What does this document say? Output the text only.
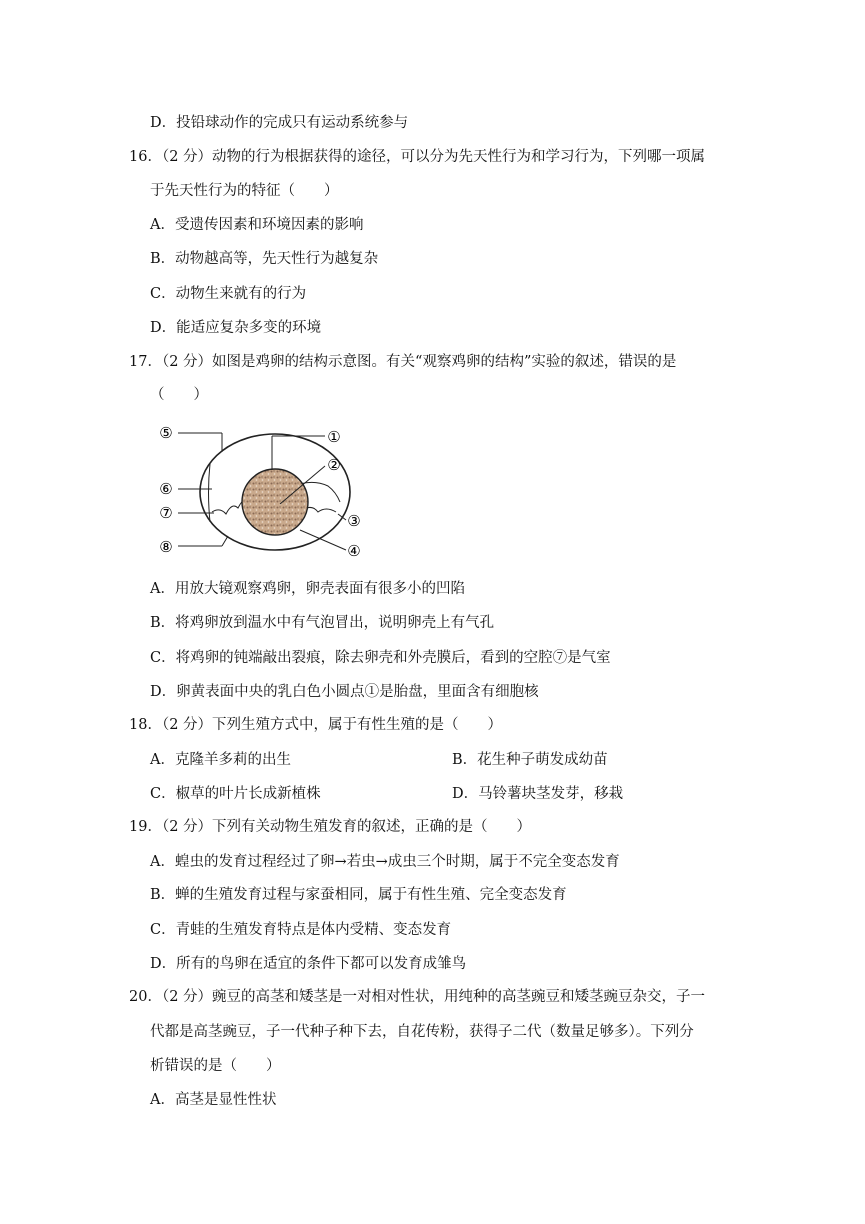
D．投铅球动作的完成只有运动系统参与
16．（2 分）动物的行为根据获得的途径，可以分为先天性行为和学习行为，下列哪一项属
于先天性行为的特征（　　）
A．受遗传因素和环境因素的影响
B．动物越高等，先天性行为越复杂
C．动物生来就有的行为
D．能适应复杂多变的环境
17．（2 分）如图是鸡卵的结构示意图。有关“观察鸡卵的结构”实验的叙述，错误的是
（　　）
①
②
③
④
⑤
⑥
⑦
⑧
A．用放大镜观察鸡卵，卵壳表面有很多小的凹陷
B．将鸡卵放到温水中有气泡冒出，说明卵壳上有气孔
C．将鸡卵的钝端敲出裂痕，除去卵壳和外壳膜后，看到的空腔⑦是气室
D．卵黄表面中央的乳白色小圆点①是胎盘，里面含有细胞核
18．（2 分）下列生殖方式中，属于有性生殖的是（　　）
A．克隆羊多莉的出生	B．花生种子萌发成幼苗
C．椒草的叶片长成新植株	D．马铃薯块茎发芽，移栽
19．（2 分）下列有关动物生殖发育的叙述，正确的是（　　）
A．蝗虫的发育过程经过了卵→若虫→成虫三个时期，属于不完全变态发育
B．蝉的生殖发育过程与家蚕相同，属于有性生殖、完全变态发育
C．青蛙的生殖发育特点是体内受精、变态发育
D．所有的鸟卵在适宜的条件下都可以发育成雏鸟
20．（2 分）豌豆的高茎和矮茎是一对相对性状，用纯种的高茎豌豆和矮茎豌豆杂交，子一
代都是高茎豌豆，子一代种子种下去，自花传粉，获得子二代（数量足够多）。下列分
析错误的是（　　）
A．高茎是显性性状
